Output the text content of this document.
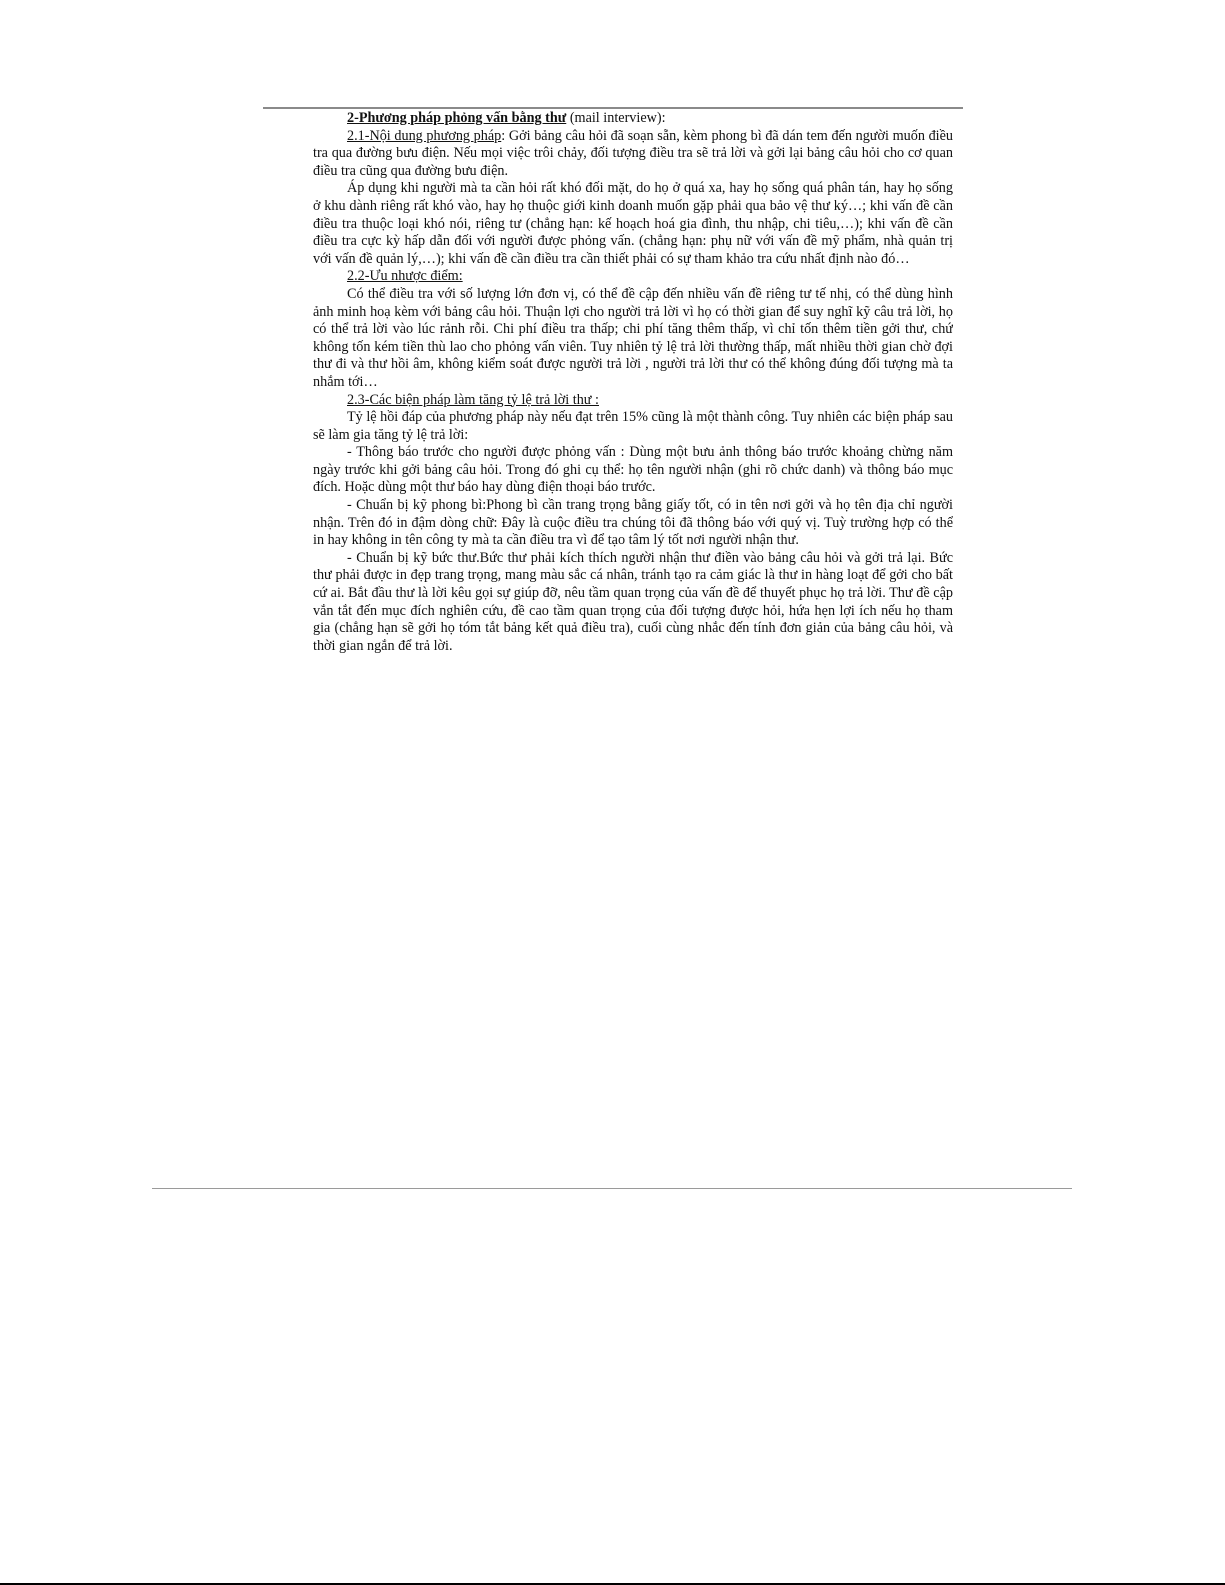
2-Phương pháp phỏng vấn bằng thư (mail interview):

2.1-Nội dung phương pháp: Gởi bảng câu hỏi đã soạn sẵn, kèm phong bì đã dán tem đến người muốn điều tra qua đường bưu điện. Nếu mọi việc trôi chảy, đối tượng điều tra sẽ trả lời và gởi lại bảng câu hỏi cho cơ quan điều tra cũng qua đường bưu điện.

Áp dụng khi người mà ta cần hỏi rất khó đối mặt, do họ ở quá xa, hay họ sống quá phân tán, hay họ sống ở khu dành riêng rất khó vào, hay họ thuộc giới kinh doanh muốn gặp phải qua bảo vệ thư ký…; khi vấn đề cần điều tra thuộc loại khó nói, riêng tư (chẳng hạn: kế hoạch hoá gia đình, thu nhập, chi tiêu,…); khi vấn đề cần điều tra cực kỳ hấp dẫn đối với người được phỏng vấn. (chẳng hạn: phụ nữ với vấn đề mỹ phẩm, nhà quản trị với vấn đề quản lý,…); khi vấn đề cần điều tra cần thiết phải có sự tham khảo tra cứu nhất định nào đó…

2.2-Ưu nhược điểm:

Có thể điều tra với số lượng lớn đơn vị, có thể đề cập đến nhiều vấn đề riêng tư tế nhị, có thể dùng hình ảnh minh hoạ kèm với bảng câu hỏi. Thuận lợi cho người trả lời vì họ có thời gian để suy nghĩ kỹ câu trả lời, họ có thể trả lời vào lúc rảnh rỗi. Chi phí điều tra thấp; chi phí tăng thêm thấp, vì chỉ tốn thêm tiền gởi thư, chứ không tốn kém tiền thù lao cho phỏng vấn viên. Tuy nhiên tỷ lệ trả lời thường thấp, mất nhiều thời gian chờ đợi thư đi và thư hồi âm, không kiểm soát được người trả lời , người trả lời thư có thể không đúng đối tượng mà ta nhắm tới…

2.3-Các biện pháp làm tăng tỷ lệ trả lời thư :

Tỷ lệ hồi đáp của phương pháp này nếu đạt trên 15% cũng là một thành công. Tuy nhiên các biện pháp sau sẽ làm gia tăng tỷ lệ trả lời:

- Thông báo trước cho người được phỏng vấn : Dùng một bưu ảnh thông báo trước khoảng chừng năm ngày trước khi gởi bảng câu hỏi. Trong đó ghi cụ thể: họ tên người nhận (ghi rõ chức danh) và thông báo mục đích. Hoặc dùng một thư báo hay dùng điện thoại báo trước.

- Chuẩn bị kỹ phong bì:Phong bì cần trang trọng bằng giấy tốt, có in tên nơi gởi và họ tên địa chỉ người nhận. Trên đó in đậm dòng chữ: Đây là cuộc điều tra chúng tôi đã thông báo với quý vị. Tuỳ trường hợp có thể in hay không in tên công ty mà ta cần điều tra vì để tạo tâm lý tốt nơi người nhận thư.

- Chuẩn bị kỹ bức thư.Bức thư phải kích thích người nhận thư điền vào bảng câu hỏi và gởi trả lại. Bức thư phải được in đẹp trang trọng, mang màu sắc cá nhân, tránh tạo ra cảm giác là thư in hàng loạt để gởi cho bất cứ ai. Bắt đầu thư là lời kêu gọi sự giúp đỡ, nêu tầm quan trọng của vấn đề để thuyết phục họ trả lời. Thư đề cập vắn tắt đến mục đích nghiên cứu, đề cao tầm quan trọng của đối tượng được hỏi, hứa hẹn lợi ích nếu họ tham gia (chẳng hạn sẽ gởi họ tóm tắt bảng kết quả điều tra), cuối cùng nhắc đến tính đơn giản của bảng câu hỏi, và thời gian ngắn để trả lời.
